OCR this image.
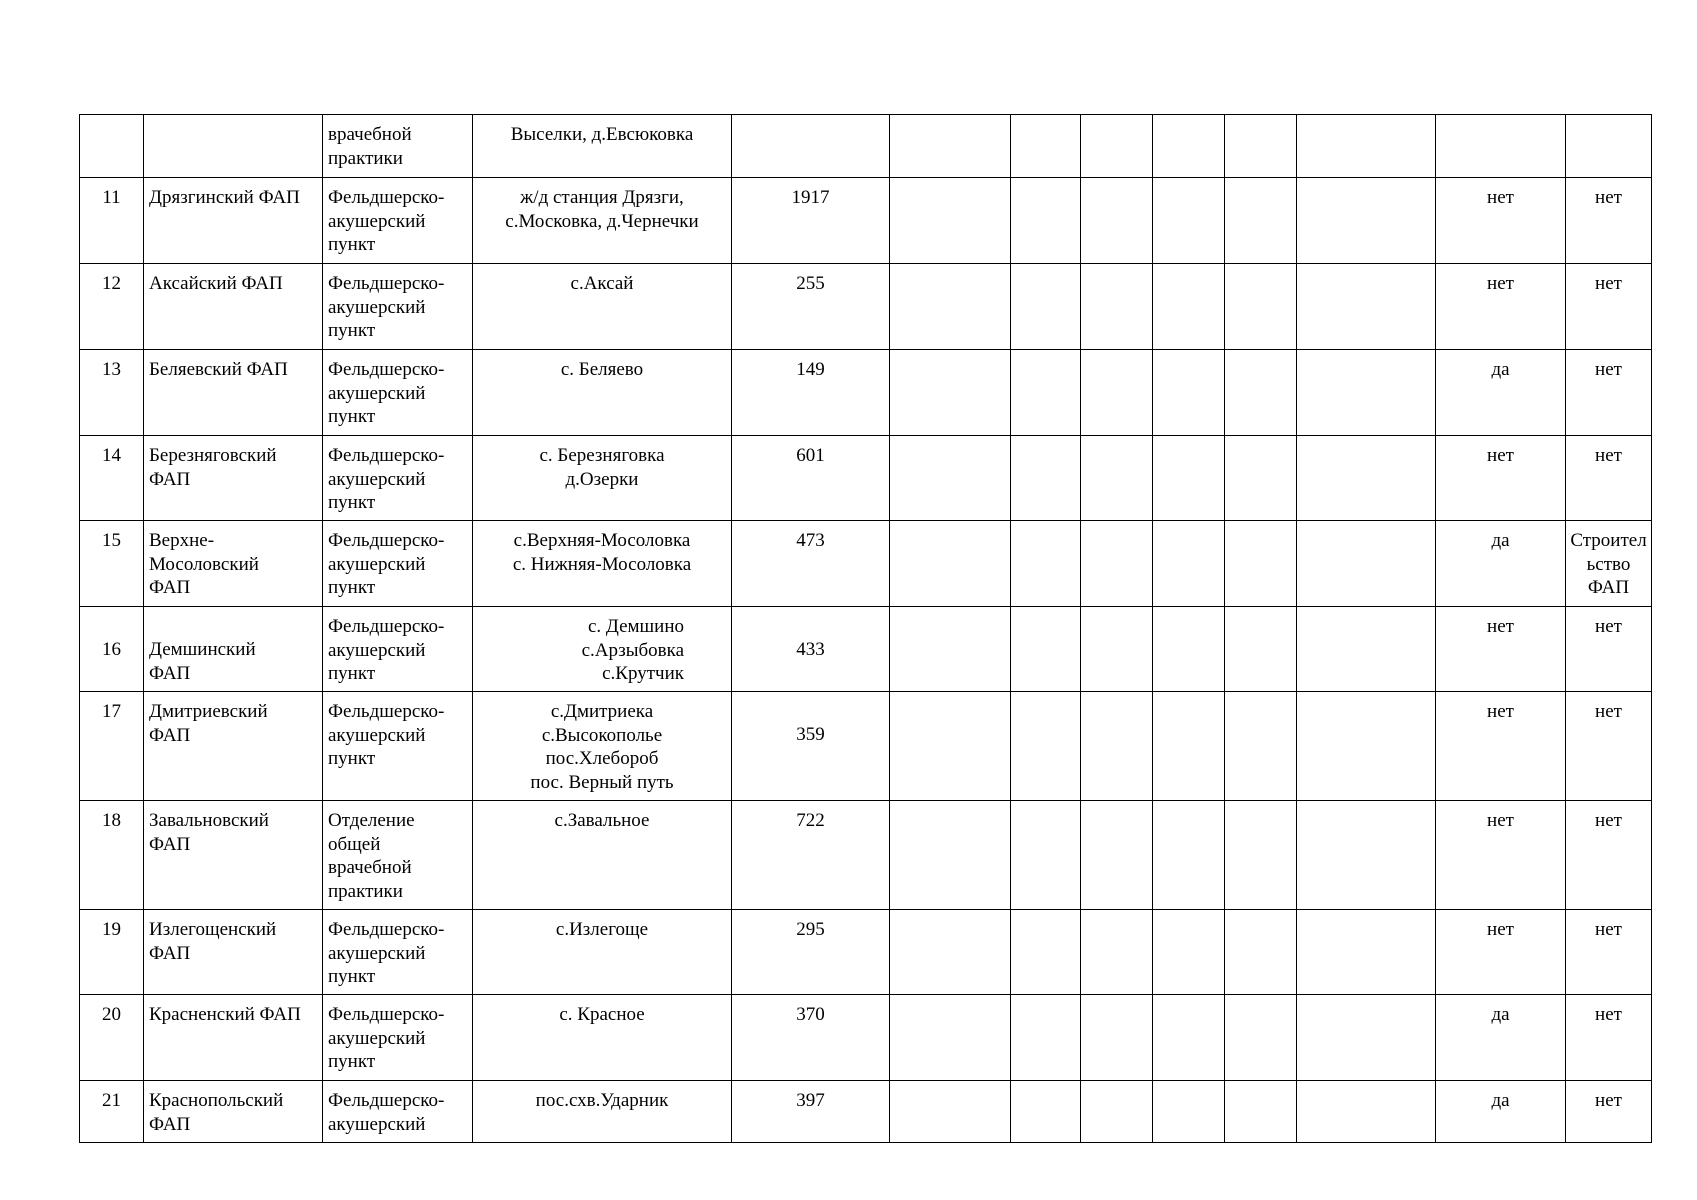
		врачебной
практики	Выселки, д.Евсюковка									
11	Дрязгинский ФАП	Фельдшерско-
акушерский
пункт	ж/д станция Дрязги,
с.Московка, д.Чернечки	1917							нет	нет
12	Аксайский ФАП	Фельдшерско-
акушерский
пункт	с.Аксай	255							нет	нет
13	Беляевский ФАП	Фельдшерско-
акушерский
пункт	с. Беляево	149							да	нет
14	Березняговский
ФАП	Фельдшерско-
акушерский
пункт	с. Березняговка
д.Озерки	601							нет	нет
15	Верхне-
Мосоловский
ФАП	Фельдшерско-
акушерский
пункт	с.Верхняя-Мосоловка
с. Нижняя-Мосоловка	473							да	Строител
ьство
ФАП
16	Демшинский
ФАП	Фельдшерско-
акушерский
пункт	с. Демшино
с.Арзыбовка
с.Крутчик	433							нет	нет
17	Дмитриевский
ФАП	Фельдшерско-
акушерский
пункт	с.Дмитриека
с.Высокополье
пос.Хлебороб
пос. Верный путь	359							нет	нет
18	Завальновский
ФАП	Отделение
общей
врачебной
практики	с.Завальное	722							нет	нет
19	Излегощенский
ФАП	Фельдшерско-
акушерский
пункт	с.Излегоще	295							нет	нет
20	Красненский ФАП	Фельдшерско-
акушерский
пункт	с. Красное	370							да	нет
21	Краснопольский
ФАП	Фельдшерско-
акушерский	пос.схв.Ударник	397							да	нет
